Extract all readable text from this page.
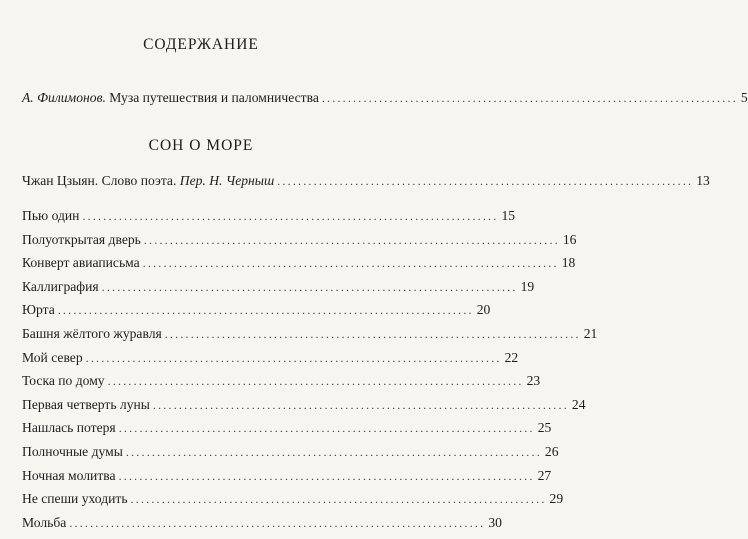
СОДЕРЖАНИЕ
А. Филимонов. Муза путешествия и паломничества ................................................................................ 5
СОН О МОРЕ
Чжан Цзыян. Слово поэта. Пер. Н. Черныш ................................................................................ 13
Пью один ................................................................................ 15
Полуоткрытая дверь ................................................................................ 16
Конверт авиаписьма ................................................................................ 18
Каллиграфия ................................................................................ 19
Юрта ................................................................................ 20
Башня жёлтого журавля ................................................................................ 21
Мой север ................................................................................ 22
Тоска по дому ................................................................................ 23
Первая четверть луны ................................................................................ 24
Нашлась потеря ................................................................................ 25
Полночные думы ................................................................................ 26
Ночная молитва ................................................................................ 27
Не спеши уходить ................................................................................ 29
Мольба ................................................................................ 30
